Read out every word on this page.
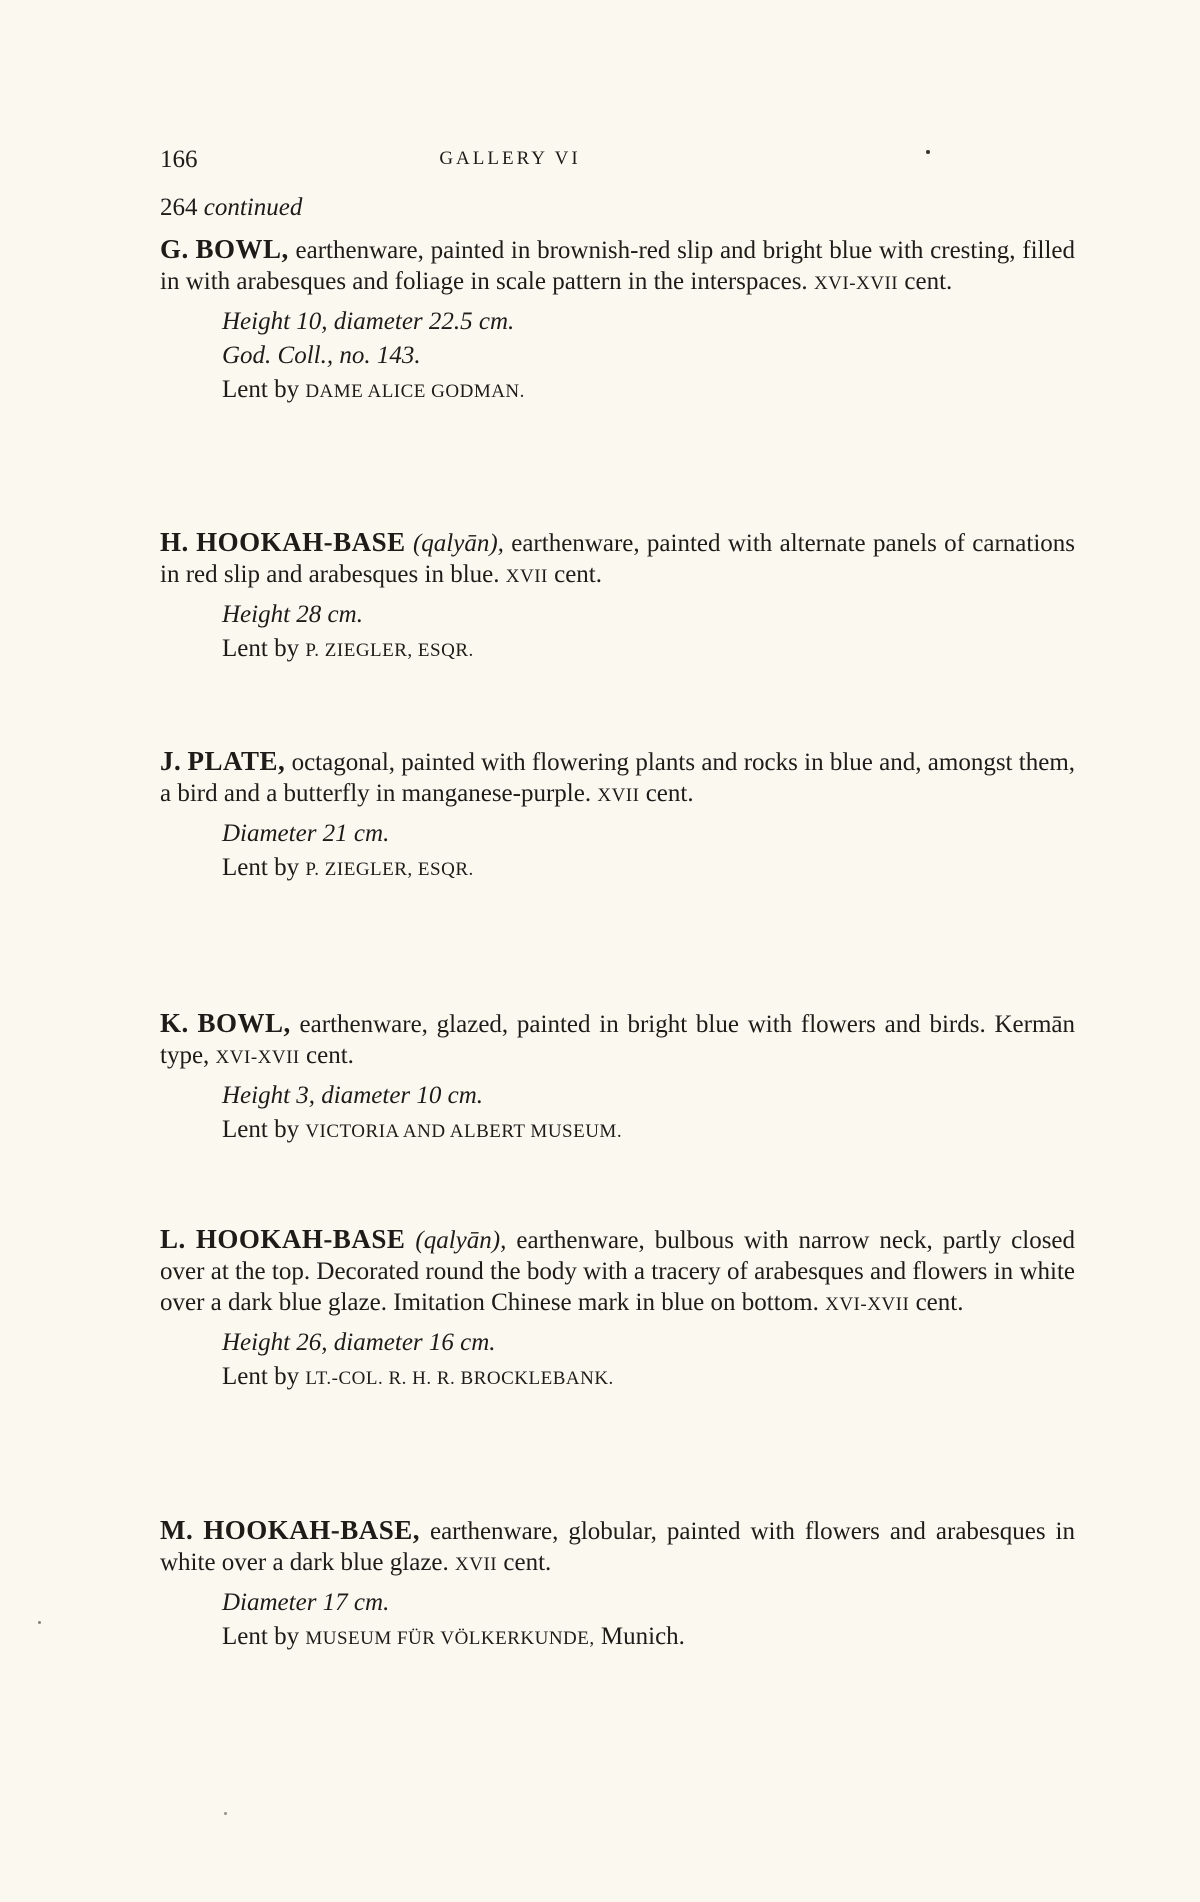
166	GALLERY VI
264 continued

G. BOWL, earthenware, painted in brownish-red slip and bright blue with cresting, filled in with arabesques and foliage in scale pattern in the interspaces. XVI-XVII cent.

Height 10, diameter 22.5 cm.

God. Coll., no. 143.

Lent by DAME ALICE GODMAN.

H. HOOKAH-BASE (qalyān), earthenware, painted with alternate panels of carnations in red slip and arabesques in blue. XVII cent.

Height 28 cm.

Lent by P. ZIEGLER, ESQR.

J. PLATE, octagonal, painted with flowering plants and rocks in blue and, amongst them, a bird and a butterfly in manganese-purple. XVII cent.

Diameter 21 cm.

Lent by P. ZIEGLER, ESQR.

K. BOWL, earthenware, glazed, painted in bright blue with flowers and birds. Kermān type, XVI-XVII cent.

Height 3, diameter 10 cm.

Lent by VICTORIA AND ALBERT MUSEUM.

L. HOOKAH-BASE (qalyān), earthenware, bulbous with narrow neck, partly closed over at the top. Decorated round the body with a tracery of arabesques and flowers in white over a dark blue glaze. Imitation Chinese mark in blue on bottom. XVI-XVII cent.

Height 26, diameter 16 cm.

Lent by LT.-COL. R. H. R. BROCKLEBANK.

M. HOOKAH-BASE, earthenware, globular, painted with flowers and arabesques in white over a dark blue glaze. XVII cent.

Diameter 17 cm.

Lent by MUSEUM FÜR VÖLKERKUNDE, Munich.
